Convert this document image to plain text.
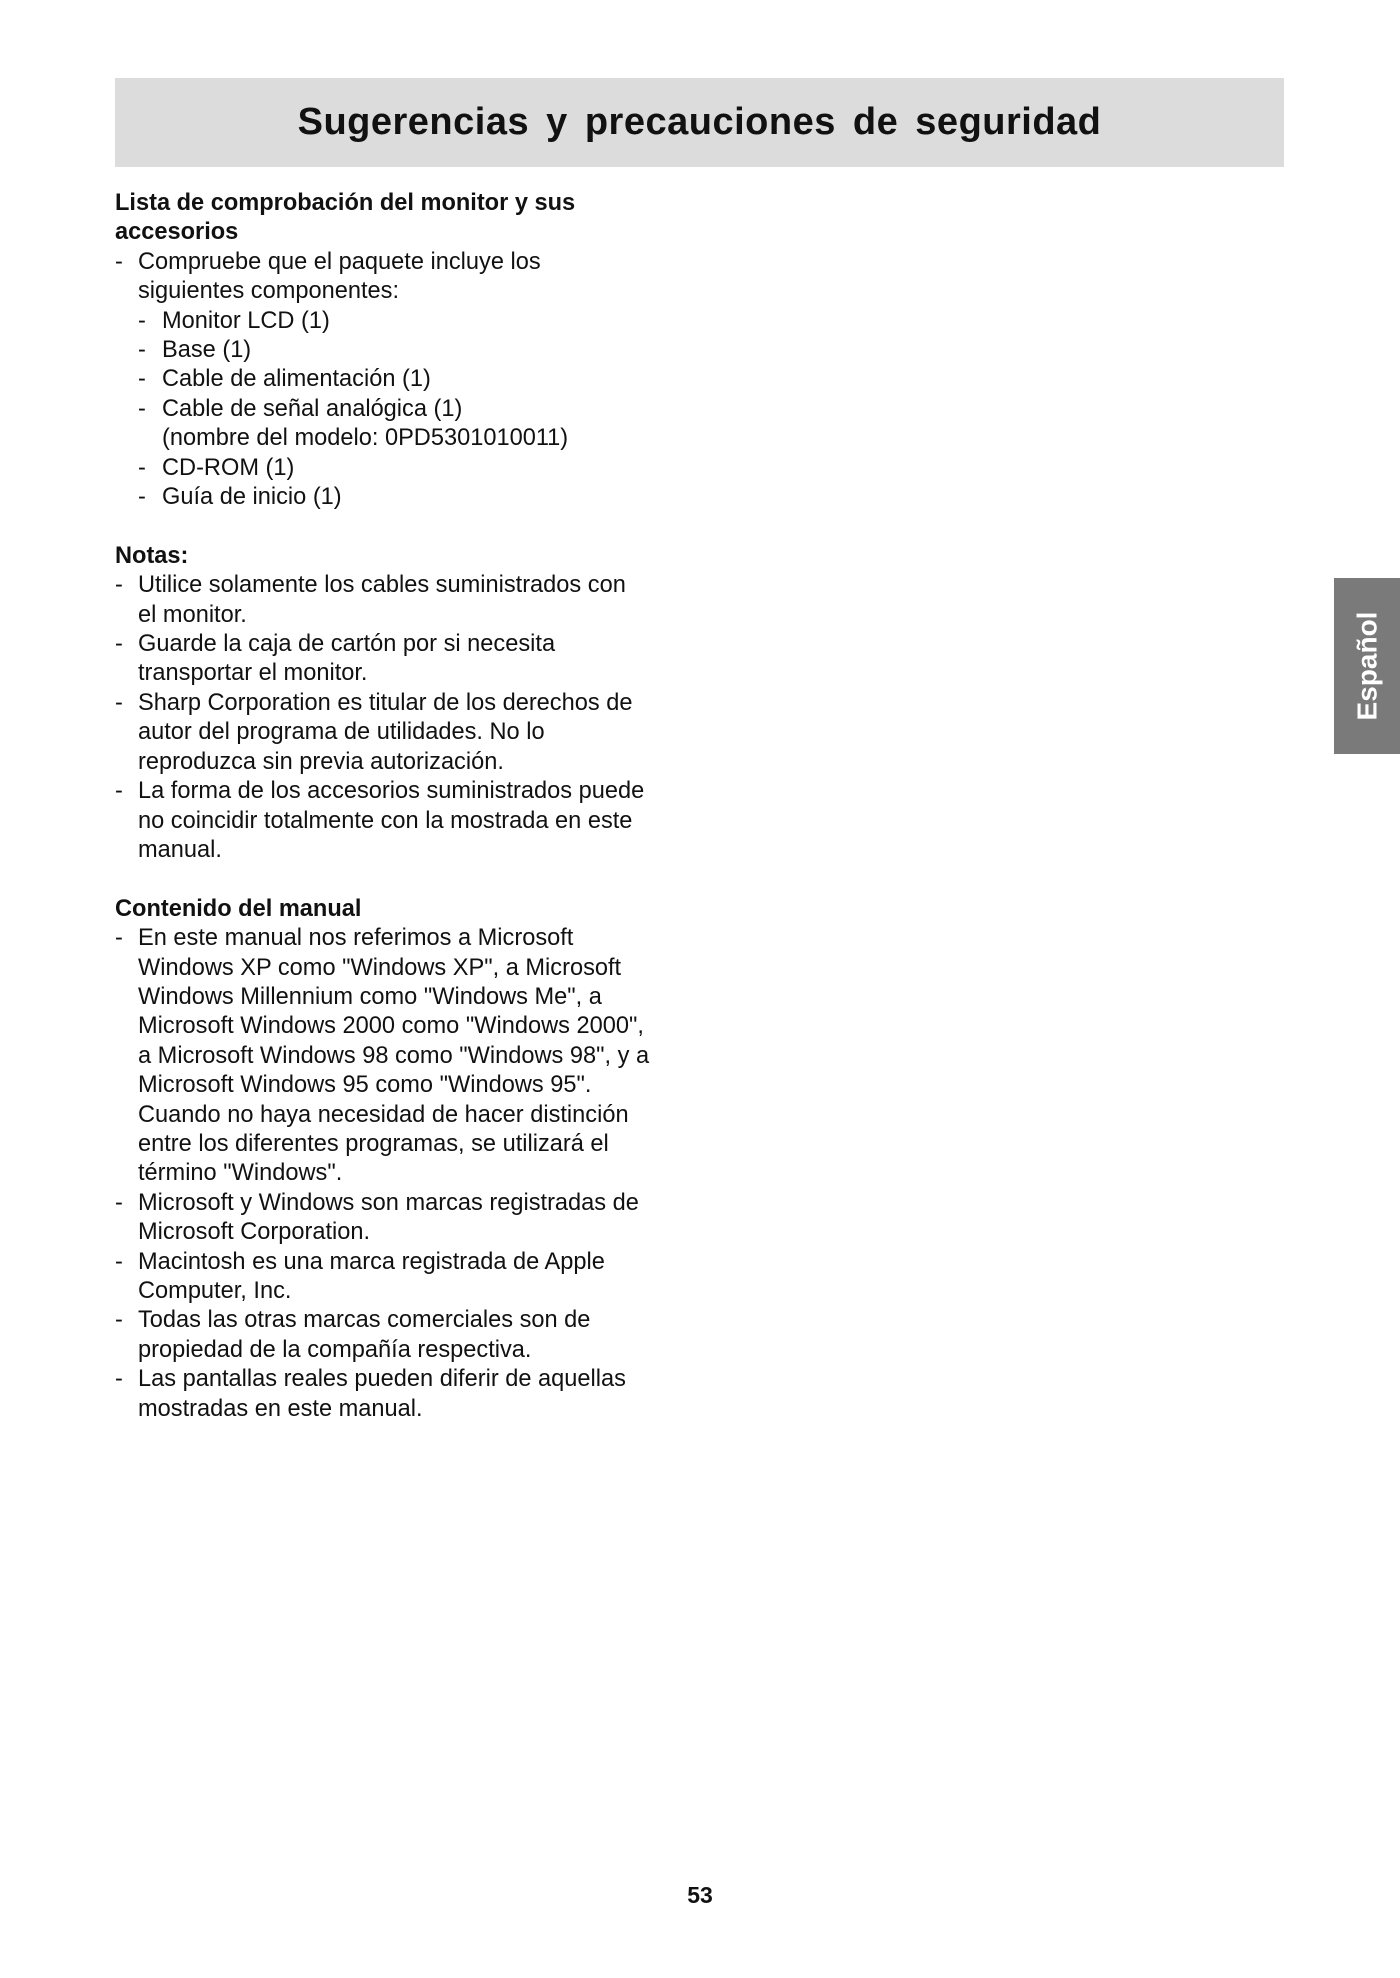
Sugerencias y precauciones de seguridad

Lista de comprobación del monitor y sus

accesorios

- Compruebe que el paquete incluye los
siguientes componentes:
- Monitor LCD (1)
- Base (1)
- Cable de alimentación (1)
- Cable de señal analógica (1)
(nombre del modelo: 0PD5301010011)
- CD-ROM (1)
- Guía de inicio (1)

Notas:

- Utilice solamente los cables suministrados con
el monitor.
- Guarde la caja de cartón por si necesita
transportar el monitor.
- Sharp Corporation es titular de los derechos de
autor del programa de utilidades. No lo
reproduzca sin previa autorización.
- La forma de los accesorios suministrados puede
no coincidir totalmente con la mostrada en este
manual.

Contenido del manual

- En este manual nos referimos a Microsoft
Windows XP como "Windows XP", a Microsoft
Windows Millennium como "Windows Me", a
Microsoft Windows 2000 como "Windows 2000",
a Microsoft Windows 98 como "Windows 98", y a
Microsoft Windows 95 como "Windows 95".
Cuando no haya necesidad de hacer distinción
entre los diferentes programas, se utilizará el
término "Windows".
- Microsoft y Windows son marcas registradas de
Microsoft Corporation.
- Macintosh es una marca registrada de Apple
Computer, Inc.
- Todas las otras marcas comerciales son de
propiedad de la compañía respectiva.
- Las pantallas reales pueden diferir de aquellas
mostradas en este manual.
Español
53
